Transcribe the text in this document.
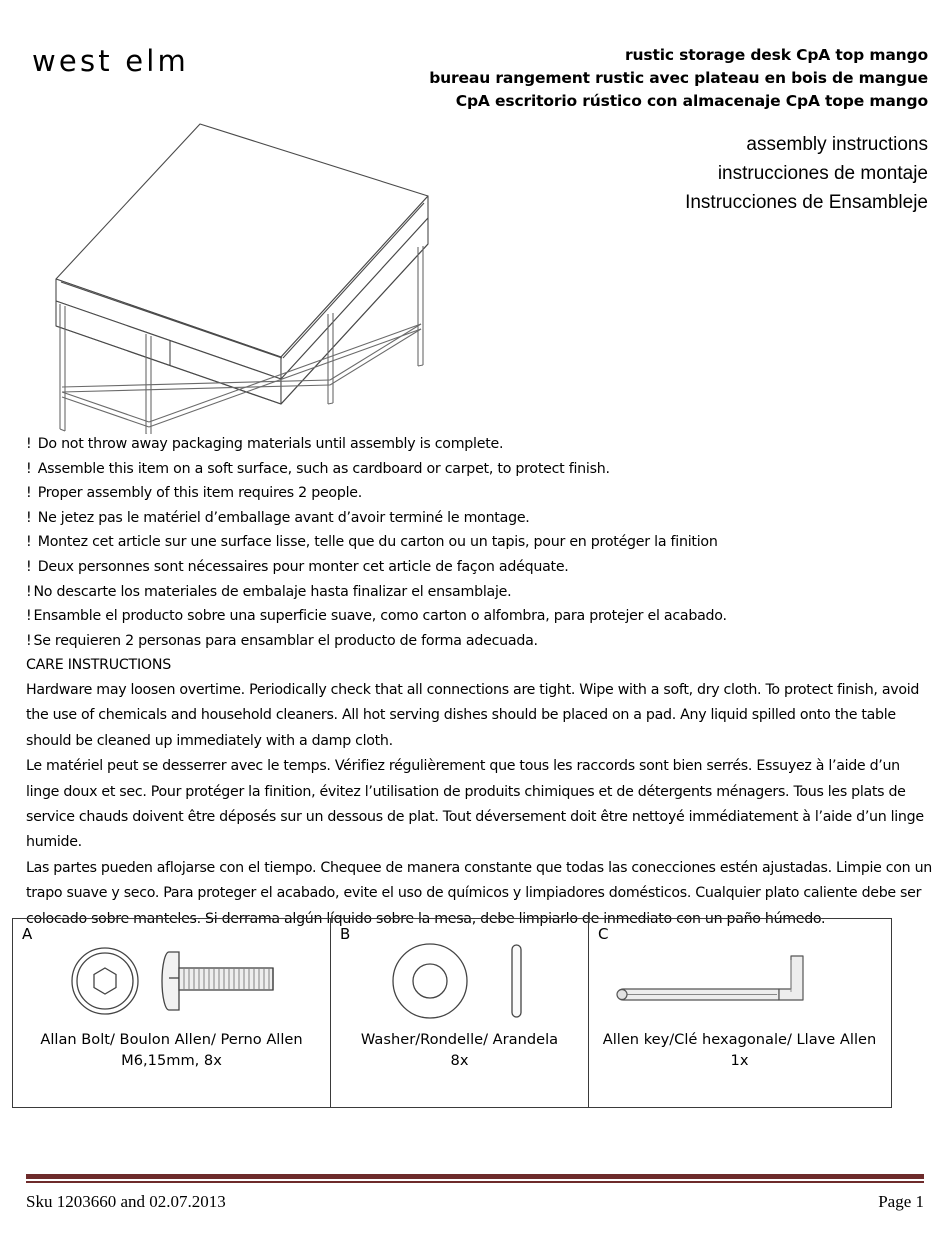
west elm	rustic storage desk CpA top mango
bureau rangement rustic avec plateau en bois de mangue
CpA escritorio rústico con almacenaje CpA tope mango
assembly instructions
instrucciones de montaje
Instrucciones de Ensambleje
! Do not throw away packaging materials until assembly is complete.
! Assemble this item on a soft surface, such as cardboard or carpet, to protect finish.
! Proper assembly of this item requires 2 people.
! Ne jetez pas le matériel d’emballage avant d’avoir terminé le montage.
! Montez cet article sur une surface lisse, telle que du carton ou un tapis, pour en protéger la finition
! Deux personnes sont nécessaires pour monter cet article de façon adéquate.
! No descarte los materiales de embalaje hasta finalizar el ensamblaje.
! Ensamble el producto sobre una superficie suave, como carton o alfombra, para protejer el acabado.
! Se requieren 2 personas para ensamblar el producto de forma adecuada.
CARE INSTRUCTIONS

Hardware may loosen overtime. Periodically check that all connections are tight. Wipe with a soft, dry cloth. To protect finish, avoid the use of chemicals and household cleaners. All hot serving dishes should be placed on a pad. Any liquid spilled onto the table should be cleaned up immediately with a damp cloth.

Le matériel peut se desserrer avec le temps. Vérifiez régulièrement que tous les raccords sont bien serrés. Essuyez à l’aide d’un linge doux et sec. Pour protéger la finition, évitez l’utilisation de produits chimiques et de détergents ménagers. Tous les plats de service chauds doivent être déposés sur un dessous de plat. Tout déversement doit être nettoyé immédiatement à l’aide d’un linge humide.

Las partes pueden aflojarse con el tiempo. Chequee de manera constante que todas las conecciones estén ajustadas. Limpie con un trapo suave y seco. Para proteger el acabado, evite el uso de químicos y limpiadores domésticos. Cualquier plato caliente debe ser colocado sobre manteles. Si derrama algún líquido sobre la mesa, debe limpiarlo de inmediato con un paño húmedo.

A
Allan Bolt/ Boulon Allen/ Perno Allen
M6,15mm, 8x
B
Washer/Rondelle/ Arandela
8x
C
Allen key/Clé hexagonale/ Llave Allen
1x
Sku 1203660 and 02.07.2013	Page 1
